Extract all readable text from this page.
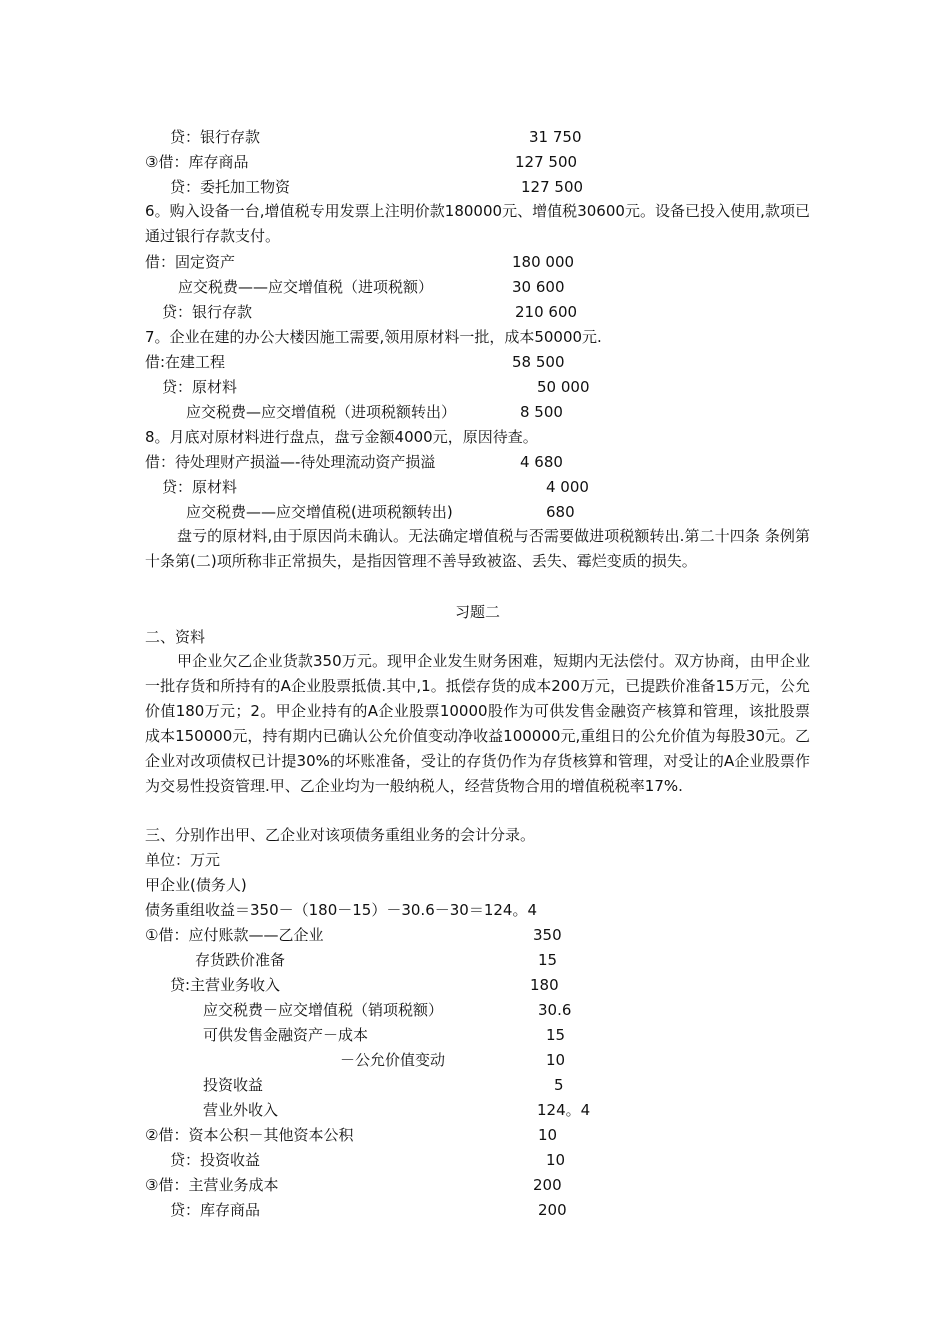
贷：银行存款	31 750
③借：库存商品	127 500
贷：委托加工物资	127 500
6。购入设备一台,增值税专用发票上注明价款180000元、增值税30600元。设备已投入使用,款项已通过银行存款支付。
借：固定资产	180 000
应交税费——应交增值税（进项税额）	30 600
贷：银行存款	210 600
7。企业在建的办公大楼因施工需要,领用原材料一批，成本50000元.
借:在建工程	58 500
贷：原材料	50 000
应交税费—应交增值税（进项税额转出）	8 500
8。月底对原材料进行盘点，盘亏金额4000元，原因待查。
借：待处理财产损溢—-待处理流动资产损溢	4 680
贷：原材料	4 000
应交税费——应交增值税(进项税额转出)	680
盘亏的原材料,由于原因尚未确认。无法确定增值税与否需要做进项税额转出.第二十四条 条例第十条第(二)项所称非正常损失，是指因管理不善导致被盗、丢失、霉烂变质的损失。
习题二
二、资料
甲企业欠乙企业货款350万元。现甲企业发生财务困难，短期内无法偿付。双方协商，由甲企业一批存货和所持有的A企业股票抵债.其中,1。抵偿存货的成本200万元，已提跌价准备15万元，公允价值180万元；2。甲企业持有的A企业股票10000股作为可供发售金融资产核算和管理，该批股票成本150000元，持有期内已确认公允价值变动净收益100000元,重组日的公允价值为每股30元。乙企业对改项债权已计提30%的坏账准备，受让的存货仍作为存货核算和管理，对受让的A企业股票作为交易性投资管理.甲、乙企业均为一般纳税人，经营货物合用的增值税税率17%.
三、分别作出甲、乙企业对该项债务重组业务的会计分录。
单位：万元
甲企业(债务人)
债务重组收益＝350－（180－15）－30.6－30＝124。4
①借：应付账款——乙企业	350
存货跌价准备	15
贷:主营业务收入	180
应交税费－应交增值税（销项税额）	30.6
可供发售金融资产－成本	15
－公允价值变动	10
投资收益	5
营业外收入	124。4
②借：资本公积－其他资本公积	10
贷：投资收益	10
③借：主营业务成本	200
贷：库存商品	200
